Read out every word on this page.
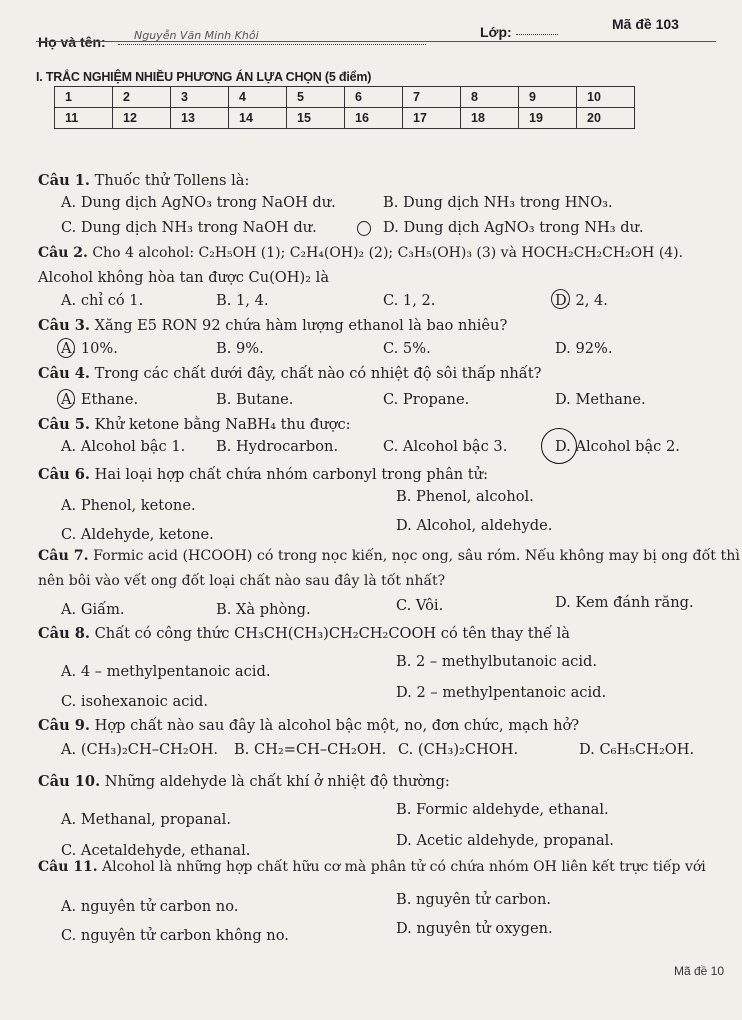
Họ và tên:	Nguyễn Văn Minh Khôi	Lớp:	Mã đề 103
I. TRẮC NGHIỆM NHIỀU PHƯƠNG ÁN LỰA CHỌN (5 điểm)
1	2	3	4	5	6	7	8	9	10
11	12	13	14	15	16	17	18	19	20
Câu 1. Thuốc thử Tollens là:
A. Dung dịch AgNO₃ trong NaOH dư.	B. Dung dịch NH₃ trong HNO₃.
C. Dung dịch NH₃ trong NaOH dư.	D. Dung dịch AgNO₃ trong NH₃ dư.
Câu 2. Cho 4 alcohol: C₂H₅OH (1); C₂H₄(OH)₂ (2); C₃H₅(OH)₃ (3) và HOCH₂CH₂CH₂OH (4).
Alcohol không hòa tan được Cu(OH)₂ là
A. chỉ có 1.	B. 1, 4.	C. 1, 2.	D. 2, 4.
Câu 3. Xăng E5 RON 92 chứa hàm lượng ethanol là bao nhiêu?
A. 10%.	B. 9%.	C. 5%.	D. 92%.
Câu 4. Trong các chất dưới đây, chất nào có nhiệt độ sôi thấp nhất?
A. Ethane.	B. Butane.	C. Propane.	D. Methane.
Câu 5. Khử ketone bằng NaBH₄ thu được:
A. Alcohol bậc 1. B. Hydrocarbon.	C. Alcohol bậc 3.	D. Alcohol bậc 2.
Câu 6. Hai loại hợp chất chứa nhóm carbonyl trong phân tử:
A. Phenol, ketone.
B. Phenol, alcohol.
C. Aldehyde, ketone.
D. Alcohol, aldehyde.
Câu 7. Formic acid (HCOOH) có trong nọc kiến, nọc ong, sâu róm. Nếu không may bị ong đốt thì
nên bôi vào vết ong đốt loại chất nào sau đây là tốt nhất?
A. Giấm.	B. Xà phòng.	C. Vôi.	D. Kem đánh răng.
Câu 8. Chất có công thức CH₃CH(CH₃)CH₂CH₂COOH có tên thay thế là
A. 4 – methylpentanoic acid.
B. 2 – methylbutanoic acid.
C. isohexanoic acid.
D. 2 – methylpentanoic acid.
Câu 9. Hợp chất nào sau đây là alcohol bậc một, no, đơn chức, mạch hở?
A. (CH₃)₂CH–CH₂OH. B. CH₂=CH–CH₂OH. C. (CH₃)₂CHOH.	D. C₆H₅CH₂OH.
Câu 10. Những aldehyde là chất khí ở nhiệt độ thường:
A. Methanal, propanal.
B. Formic aldehyde, ethanal.
C. Acetaldehyde, ethanal.
D. Acetic aldehyde, propanal.
Câu 11. Alcohol là những hợp chất hữu cơ mà phân tử có chứa nhóm OH liên kết trực tiếp với
A. nguyên tử carbon no.	B. nguyên tử carbon.
C. nguyên tử carbon không no.	D. nguyên tử oxygen.
Mã đề 10
